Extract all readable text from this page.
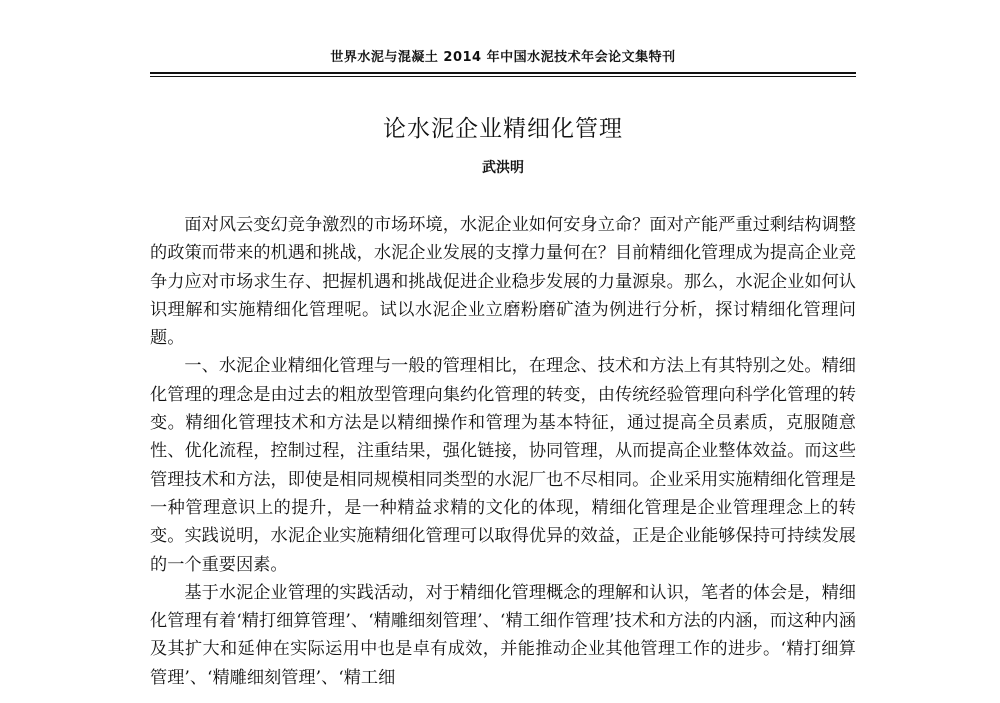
世界水泥与混凝土 2014 年中国水泥技术年会论文集特刊
论水泥企业精细化管理
武洪明

面对风云变幻竞争激烈的市场环境，水泥企业如何安身立命？面对产能严重过剩结构调整的政策而带来的机遇和挑战，水泥企业发展的支撑力量何在？目前精细化管理成为提高企业竞争力应对市场求生存、把握机遇和挑战促进企业稳步发展的力量源泉。那么，水泥企业如何认识理解和实施精细化管理呢。试以水泥企业立磨粉磨矿渣为例进行分析，探讨精细化管理问题。

一、水泥企业精细化管理与一般的管理相比，在理念、技术和方法上有其特别之处。精细化管理的理念是由过去的粗放型管理向集约化管理的转变，由传统经验管理向科学化管理的转变。精细化管理技术和方法是以精细操作和管理为基本特征，通过提高全员素质，克服随意性、优化流程，控制过程，注重结果，强化链接，协同管理，从而提高企业整体效益。而这些管理技术和方法，即使是相同规模相同类型的水泥厂也不尽相同。企业采用实施精细化管理是一种管理意识上的提升，是一种精益求精的文化的体现，精细化管理是企业管理理念上的转变。实践说明，水泥企业实施精细化管理可以取得优异的效益，正是企业能够保持可持续发展的一个重要因素。

基于水泥企业管理的实践活动，对于精细化管理概念的理解和认识，笔者的体会是，精细化管理有着‘精打细算管理’、‘精雕细刻管理’、‘精工细作管理’技术和方法的内涵，而这种内涵及其扩大和延伸在实际运用中也是卓有成效，并能推动企业其他管理工作的进步。‘精打细算管理’、‘精雕细刻管理’、‘精工细
